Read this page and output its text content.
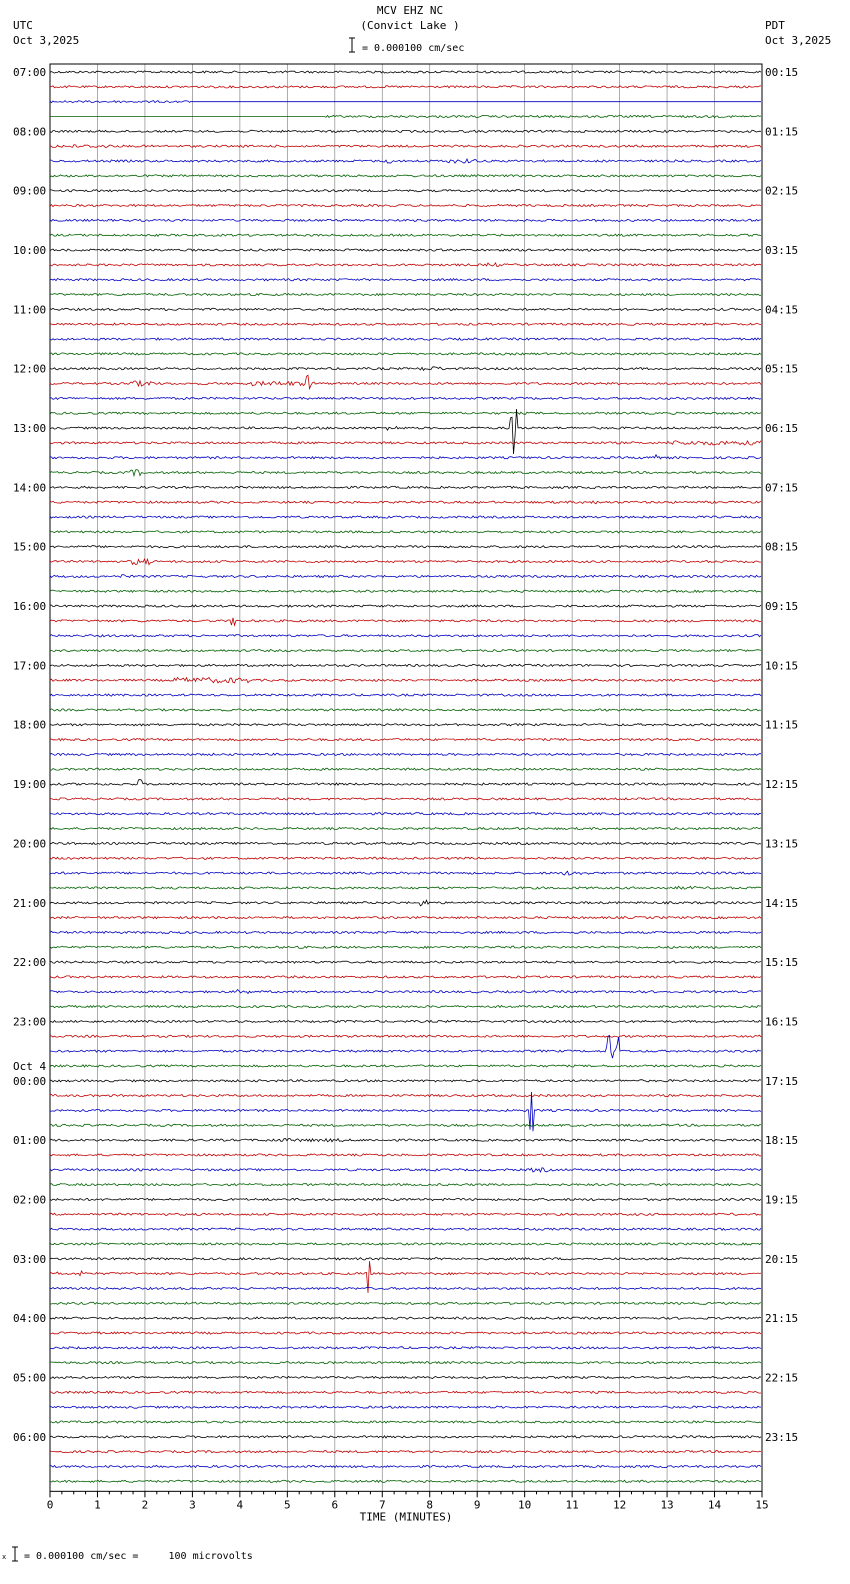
MCV EHZ NC
(Convict Lake )
= 0.000100 cm/sec
UTC
Oct 3,2025
PDT
Oct 3,2025
07:00
08:00
09:00
10:00
11:00
12:00
13:00
14:00
15:00
16:00
17:00
18:00
19:00
20:00
21:00
22:00
23:00
00:00
01:00
02:00
03:00
04:00
05:00
06:00
00:15
01:15
02:15
03:15
04:15
05:15
06:15
07:15
08:15
09:15
10:15
11:15
12:15
13:15
14:15
15:15
16:15
17:15
18:15
19:15
20:15
21:15
22:15
23:15
Oct 4
0	1	2	3	4	5	6	7	8	9	10	11	12	13	14	15
TIME (MINUTES)
x = 0.000100 cm/sec =     100 microvolts
